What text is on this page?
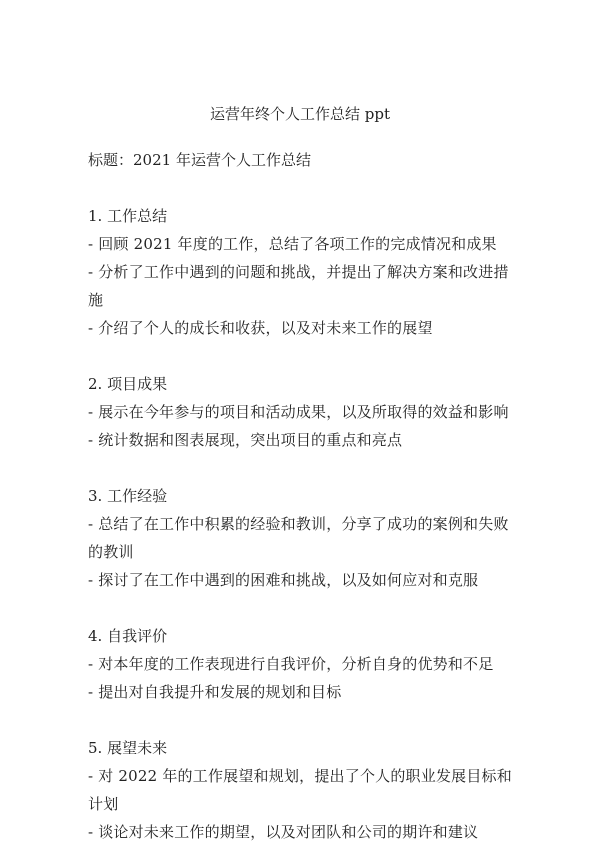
运营年终个人工作总结 ppt
标题：2021 年运营个人工作总结
1. 工作总结
- 回顾 2021 年度的工作，总结了各项工作的完成情况和成果
- 分析了工作中遇到的问题和挑战，并提出了解决方案和改进措施
- 介绍了个人的成长和收获，以及对未来工作的展望
2. 项目成果
- 展示在今年参与的项目和活动成果，以及所取得的效益和影响
- 统计数据和图表展现，突出项目的重点和亮点
3. 工作经验
- 总结了在工作中积累的经验和教训，分享了成功的案例和失败的教训
- 探讨了在工作中遇到的困难和挑战，以及如何应对和克服
4. 自我评价
- 对本年度的工作表现进行自我评价，分析自身的优势和不足
- 提出对自我提升和发展的规划和目标
5. 展望未来
- 对 2022 年的工作展望和规划，提出了个人的职业发展目标和计划
- 谈论对未来工作的期望，以及对团队和公司的期许和建议
